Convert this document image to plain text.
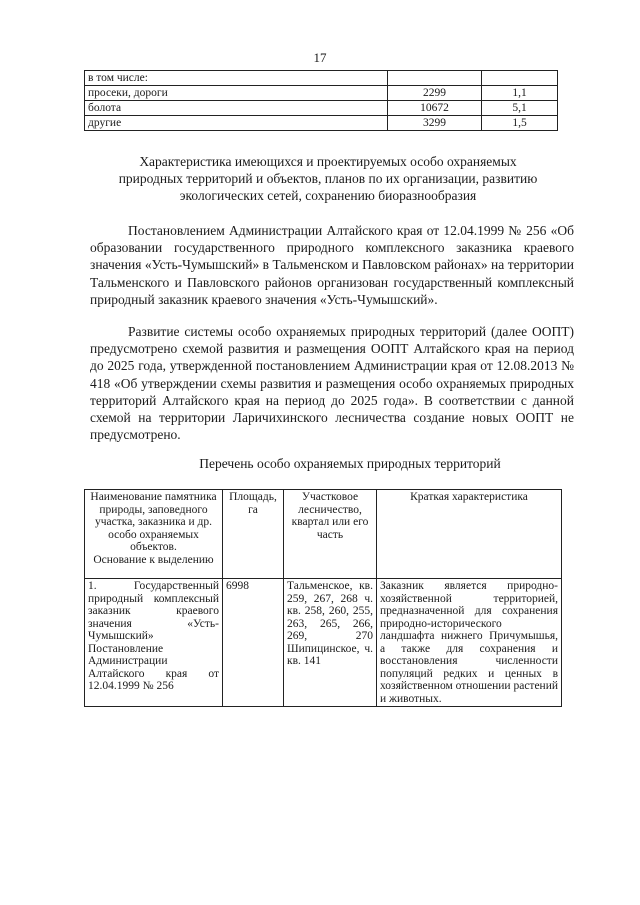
17
в том числе:		
просеки, дороги	2299	1,1
болота	10672	5,1
другие	3299	1,5
Характеристика имеющихся и проектируемых особо охраняемых природных территорий и объектов, планов по их организации, развитию экологических сетей, сохранению биоразнообразия

Постановлением Администрации Алтайского края от 12.04.1999 № 256 «Об образовании государственного природного комплексного заказника краевого значения «Усть-Чумышский» в Тальменском и Павловском районах» на территории Тальменского и Павловского районов организован государственный комплексный природный заказник краевого значения «Усть-Чумышский».

Развитие системы особо охраняемых природных территорий (далее ООПТ) предусмотрено схемой развития и размещения ООПТ Алтайского края на период до 2025 года, утвержденной постановлением Администрации края от 12.08.2013 № 418 «Об утверждении схемы развития и размещения особо охраняемых природных территорий Алтайского края на период до 2025 года». В соответствии с данной схемой на территории Ларичихинского лесничества создание новых ООПТ не предусмотрено.

Перечень особо охраняемых природных территорий
Наименование памятника природы, заповедного участка, заказника и др. особо охраняемых объектов.
Основание к выделению	Площадь, га	Участковое лесничество, квартал или его часть	Краткая характеристика
1. Государственный природный комплексный заказник краевого значения «Усть-Чумышский» Постановление Администрации Алтайского края от 12.04.1999 № 256	6998	Тальменское, кв. 259, 267, 268 ч. кв. 258, 260, 255, 263, 265, 266, 269, 270 Шипицинское, ч. кв. 141	Заказник является природно-хозяйственной территорией, предназначенной для сохранения природно-исторического ландшафта нижнего Причумышья, а также для сохранения и восстановления численности популяций редких и ценных в хозяйственном отношении растений и животных.
